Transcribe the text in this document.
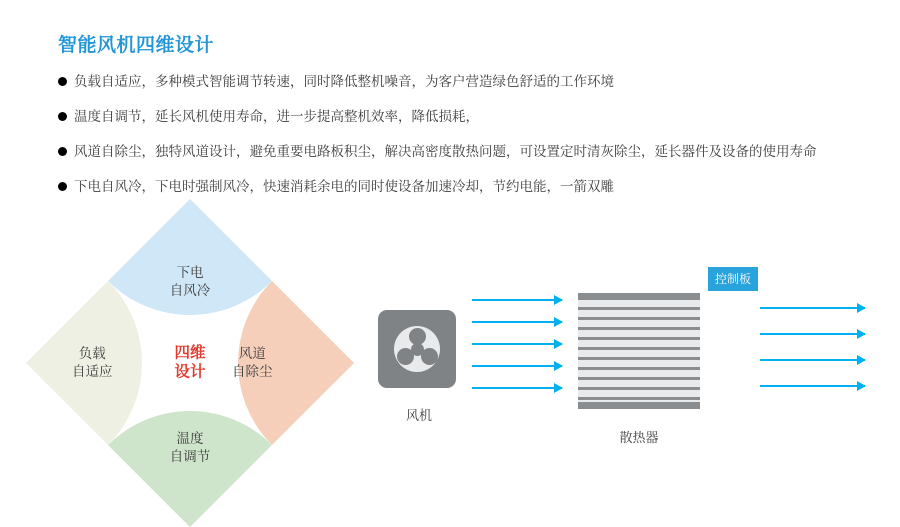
智能风机四维设计
负载自适应，多种模式智能调节转速，同时降低整机噪音，为客户营造绿色舒适的工作环境
温度自调节，延长风机使用寿命，进一步提高整机效率，降低损耗，
风道自除尘，独特风道设计，避免重要电路板积尘，解决高密度散热问题，可设置定时清灰除尘，延长器件及设备的使用寿命
下电自风冷，下电时强制风冷，快速消耗余电的同时使设备加速冷却，节约电能，一箭双雕
下电
自风冷
风道
自除尘
温度
自调节
负载
自适应
四维
设计
风机
散热器
控制板
